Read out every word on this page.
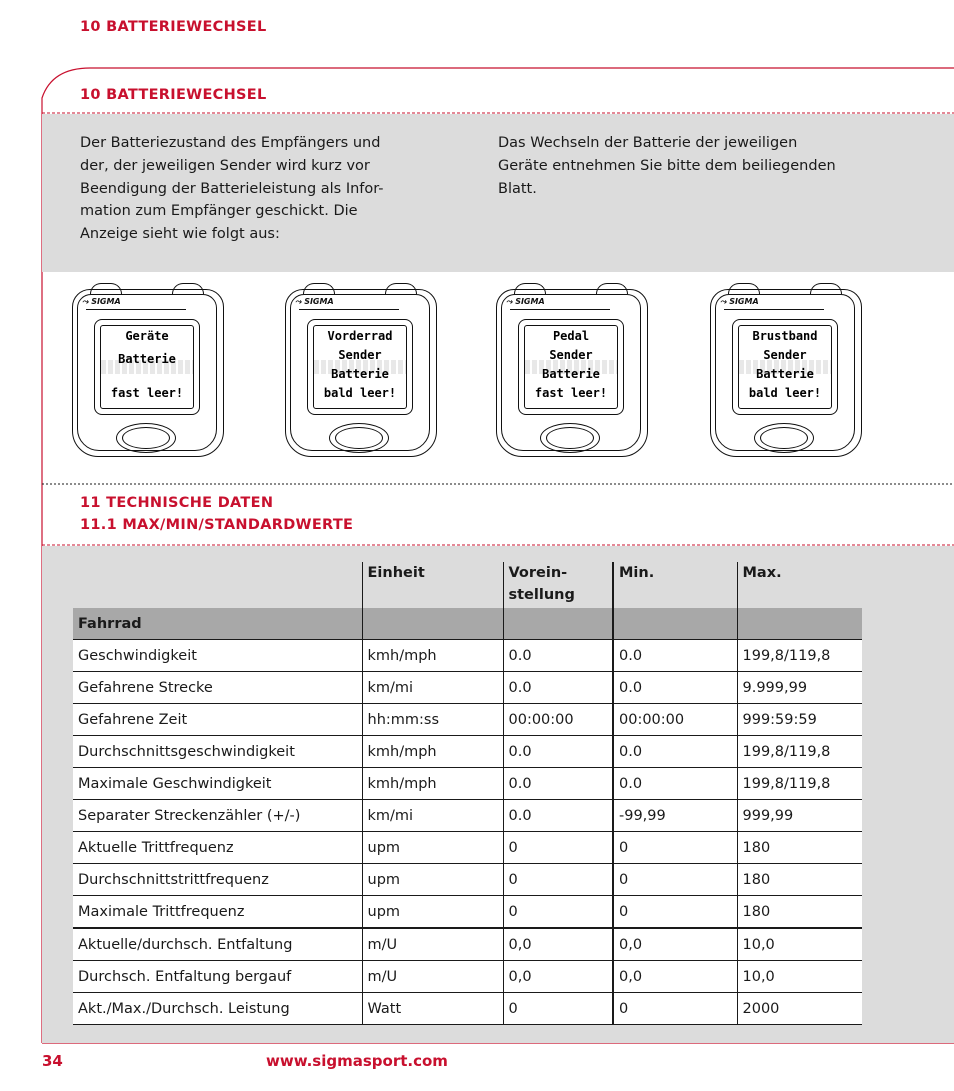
10 BATTERIEWECHSEL
10 BATTERIEWECHSEL
Der Batteriezustand des Empfängers und
der, der jeweiligen Sender wird kurz vor
Beendigung der Batterieleistung als Infor-
mation zum Empfänger geschickt. Die
Anzeige sieht wie folgt aus:
Das Wechseln der Batterie der jeweiligen
Geräte entnehmen Sie bitte dem beiliegenden
Blatt.
⤳ SIGMA
Geräte
Batterie
fast leer!
⤳ SIGMA
Vorderrad
Sender
Batterie
bald leer!
⤳ SIGMA
Pedal
Sender
Batterie
fast leer!
⤳ SIGMA
Brustband
Sender
Batterie
bald leer!
11 TECHNISCHE DATEN
11.1 MAX/MIN/STANDARDWERTE
	Einheit	Vorein-
stellung	Min.	Max.
Fahrrad				
Geschwindigkeit	kmh/mph	0.0	0.0	199,8/119,8
Gefahrene Strecke	km/mi	0.0	0.0	9.999,99
Gefahrene Zeit	hh:mm:ss	00:00:00	00:00:00	999:59:59
Durchschnittsgeschwindigkeit	kmh/mph	0.0	0.0	199,8/119,8
Maximale Geschwindigkeit	kmh/mph	0.0	0.0	199,8/119,8
Separater Streckenzähler (+/-)	km/mi	0.0	-99,99	999,99
Aktuelle Trittfrequenz	upm	0	0	180
Durchschnittstrittfrequenz	upm	0	0	180
Maximale Trittfrequenz	upm	0	0	180
Aktuelle/durchsch. Entfaltung	m/U	0,0	0,0	10,0
Durchsch. Entfaltung bergauf	m/U	0,0	0,0	10,0
Akt./Max./Durchsch. Leistung	Watt	0	0	2000
34	www.sigmasport.com
